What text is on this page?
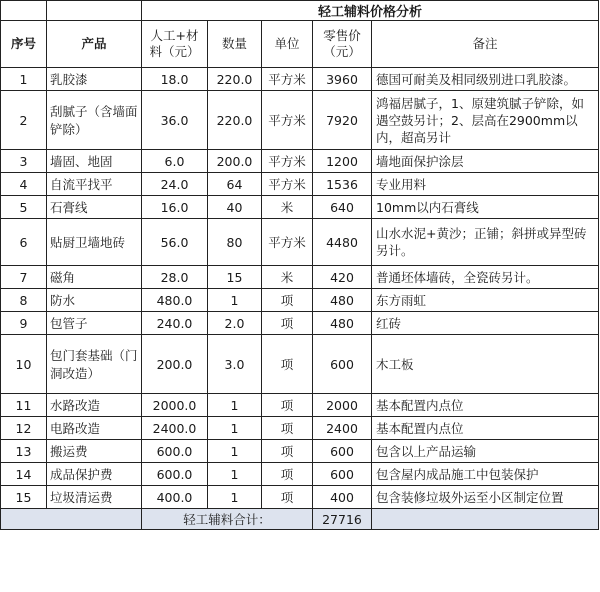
		轻工辅料价格分析				
序号	产品	人工+材料（元）	数量	单位	零售价（元）	备注
1	乳胶漆	18.0	220.0	平方米	3960	德国可耐美及相同级别进口乳胶漆。
2	刮腻子（含墙面铲除）	36.0	220.0	平方米	7920	鸿福居腻子，1、原建筑腻子铲除，如遇空鼓另计；2、层高在2900mm以内，超高另计
3	墙固、地固	6.0	200.0	平方米	1200	墙地面保护涂层
4	自流平找平	24.0	64	平方米	1536	专业用料
5	石膏线	16.0	40	米	640	10mm以内石膏线
6	贴厨卫墙地砖	56.0	80	平方米	4480	山水水泥+黄沙；正铺；斜拼或异型砖另计。
7	磁角	28.0	15	米	420	普通坯体墙砖，全瓷砖另计。
8	防水	480.0	1	项	480	东方雨虹
9	包管子	240.0	2.0	项	480	红砖
10	包门套基础（门洞改造）	200.0	3.0	项	600	木工板
11	水路改造	2000.0	1	项	2000	基本配置内点位
12	电路改造	2400.0	1	项	2400	基本配置内点位
13	搬运费	600.0	1	项	600	包含以上产品运输
14	成品保护费	600.0	1	项	600	包含屋内成品施工中包装保护
15	垃圾清运费	400.0	1	项	400	包含装修垃圾外运至小区制定位置
		轻工辅料合计：			27716	
